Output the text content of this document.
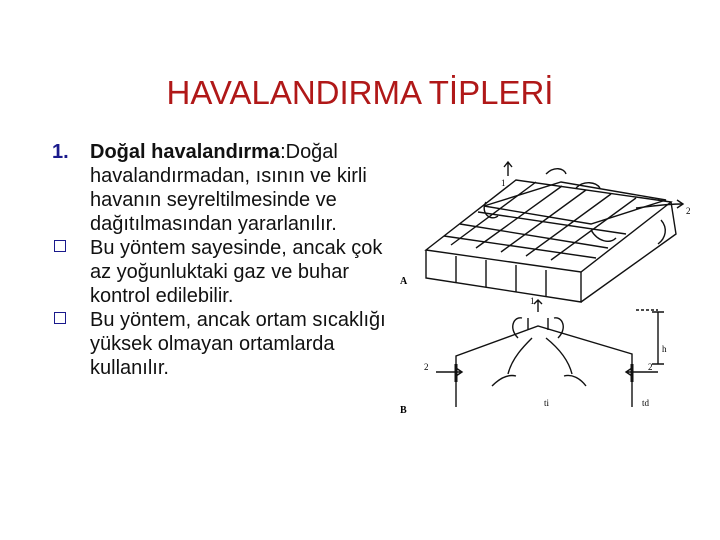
HAVALANDIRMA TİPLERİ
1. Doğal havalandırma:Doğal havalandırmadan, ısının ve kirli havanın seyreltilmesinde ve dağıtılmasından yararlanılır.
Bu yöntem sayesinde, ancak çok az yoğunluktaki gaz ve buhar kontrol edilebilir.
Bu yöntem, ancak ortam sıcaklığı yüksek olmayan ortamlarda kullanılır.
A
1
2
B
1
2	2
h
ti	td
